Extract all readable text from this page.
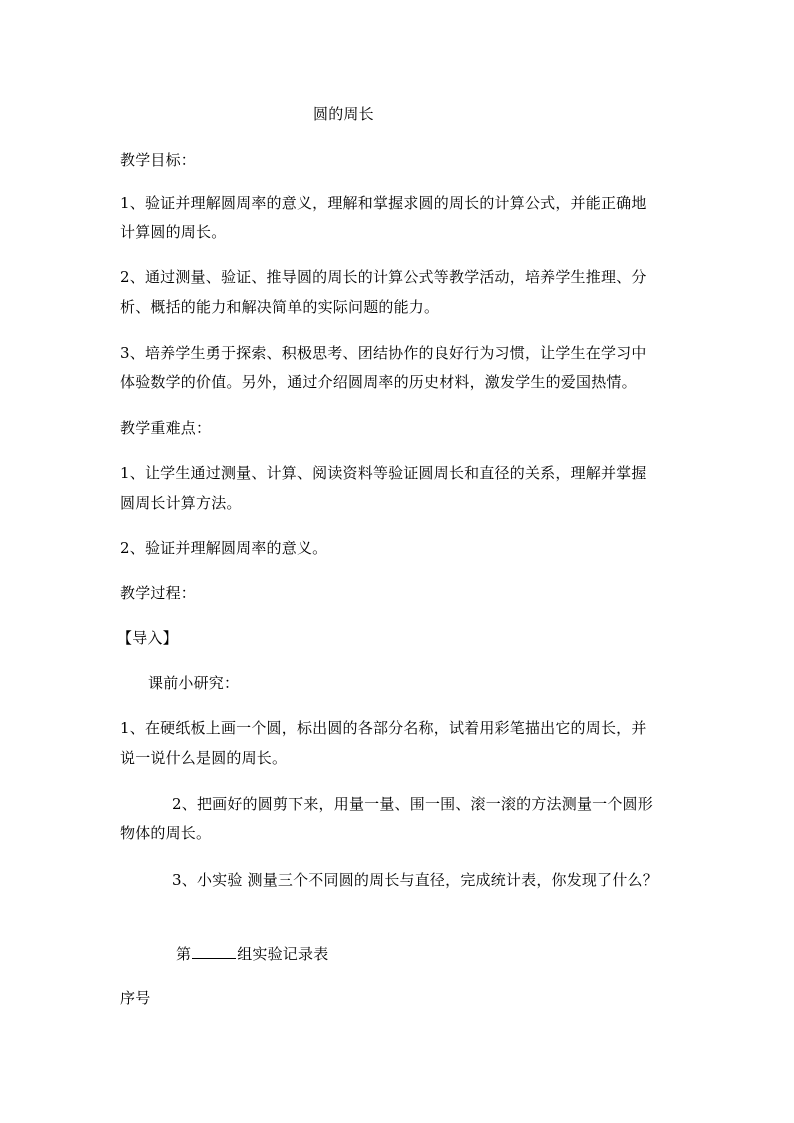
圆的周长
教学目标：
1、验证并理解圆周率的意义，理解和掌握求圆的周长的计算公式，并能正确地
计算圆的周长。
2、通过测量、验证、推导圆的周长的计算公式等教学活动，培养学生推理、分
析、概括的能力和解决简单的实际问题的能力。
3、培养学生勇于探索、积极思考、团结协作的良好行为习惯，让学生在学习中
体验数学的价值。另外，通过介绍圆周率的历史材料，激发学生的爱国热情。
教学重难点：
1、让学生通过测量、计算、阅读资料等验证圆周长和直径的关系，理解并掌握
圆周长计算方法。
2、验证并理解圆周率的意义。
教学过程：
【导入】
课前小研究：
1、在硬纸板上画一个圆，标出圆的各部分名称，试着用彩笔描出它的周长，并
说一说什么是圆的周长。
2、把画好的圆剪下来，用量一量、围一围、滚一滚的方法测量一个圆形
物体的周长。
3、小实验 测量三个不同圆的周长与直径，完成统计表，你发现了什么？
第	组实验记录表
序号
